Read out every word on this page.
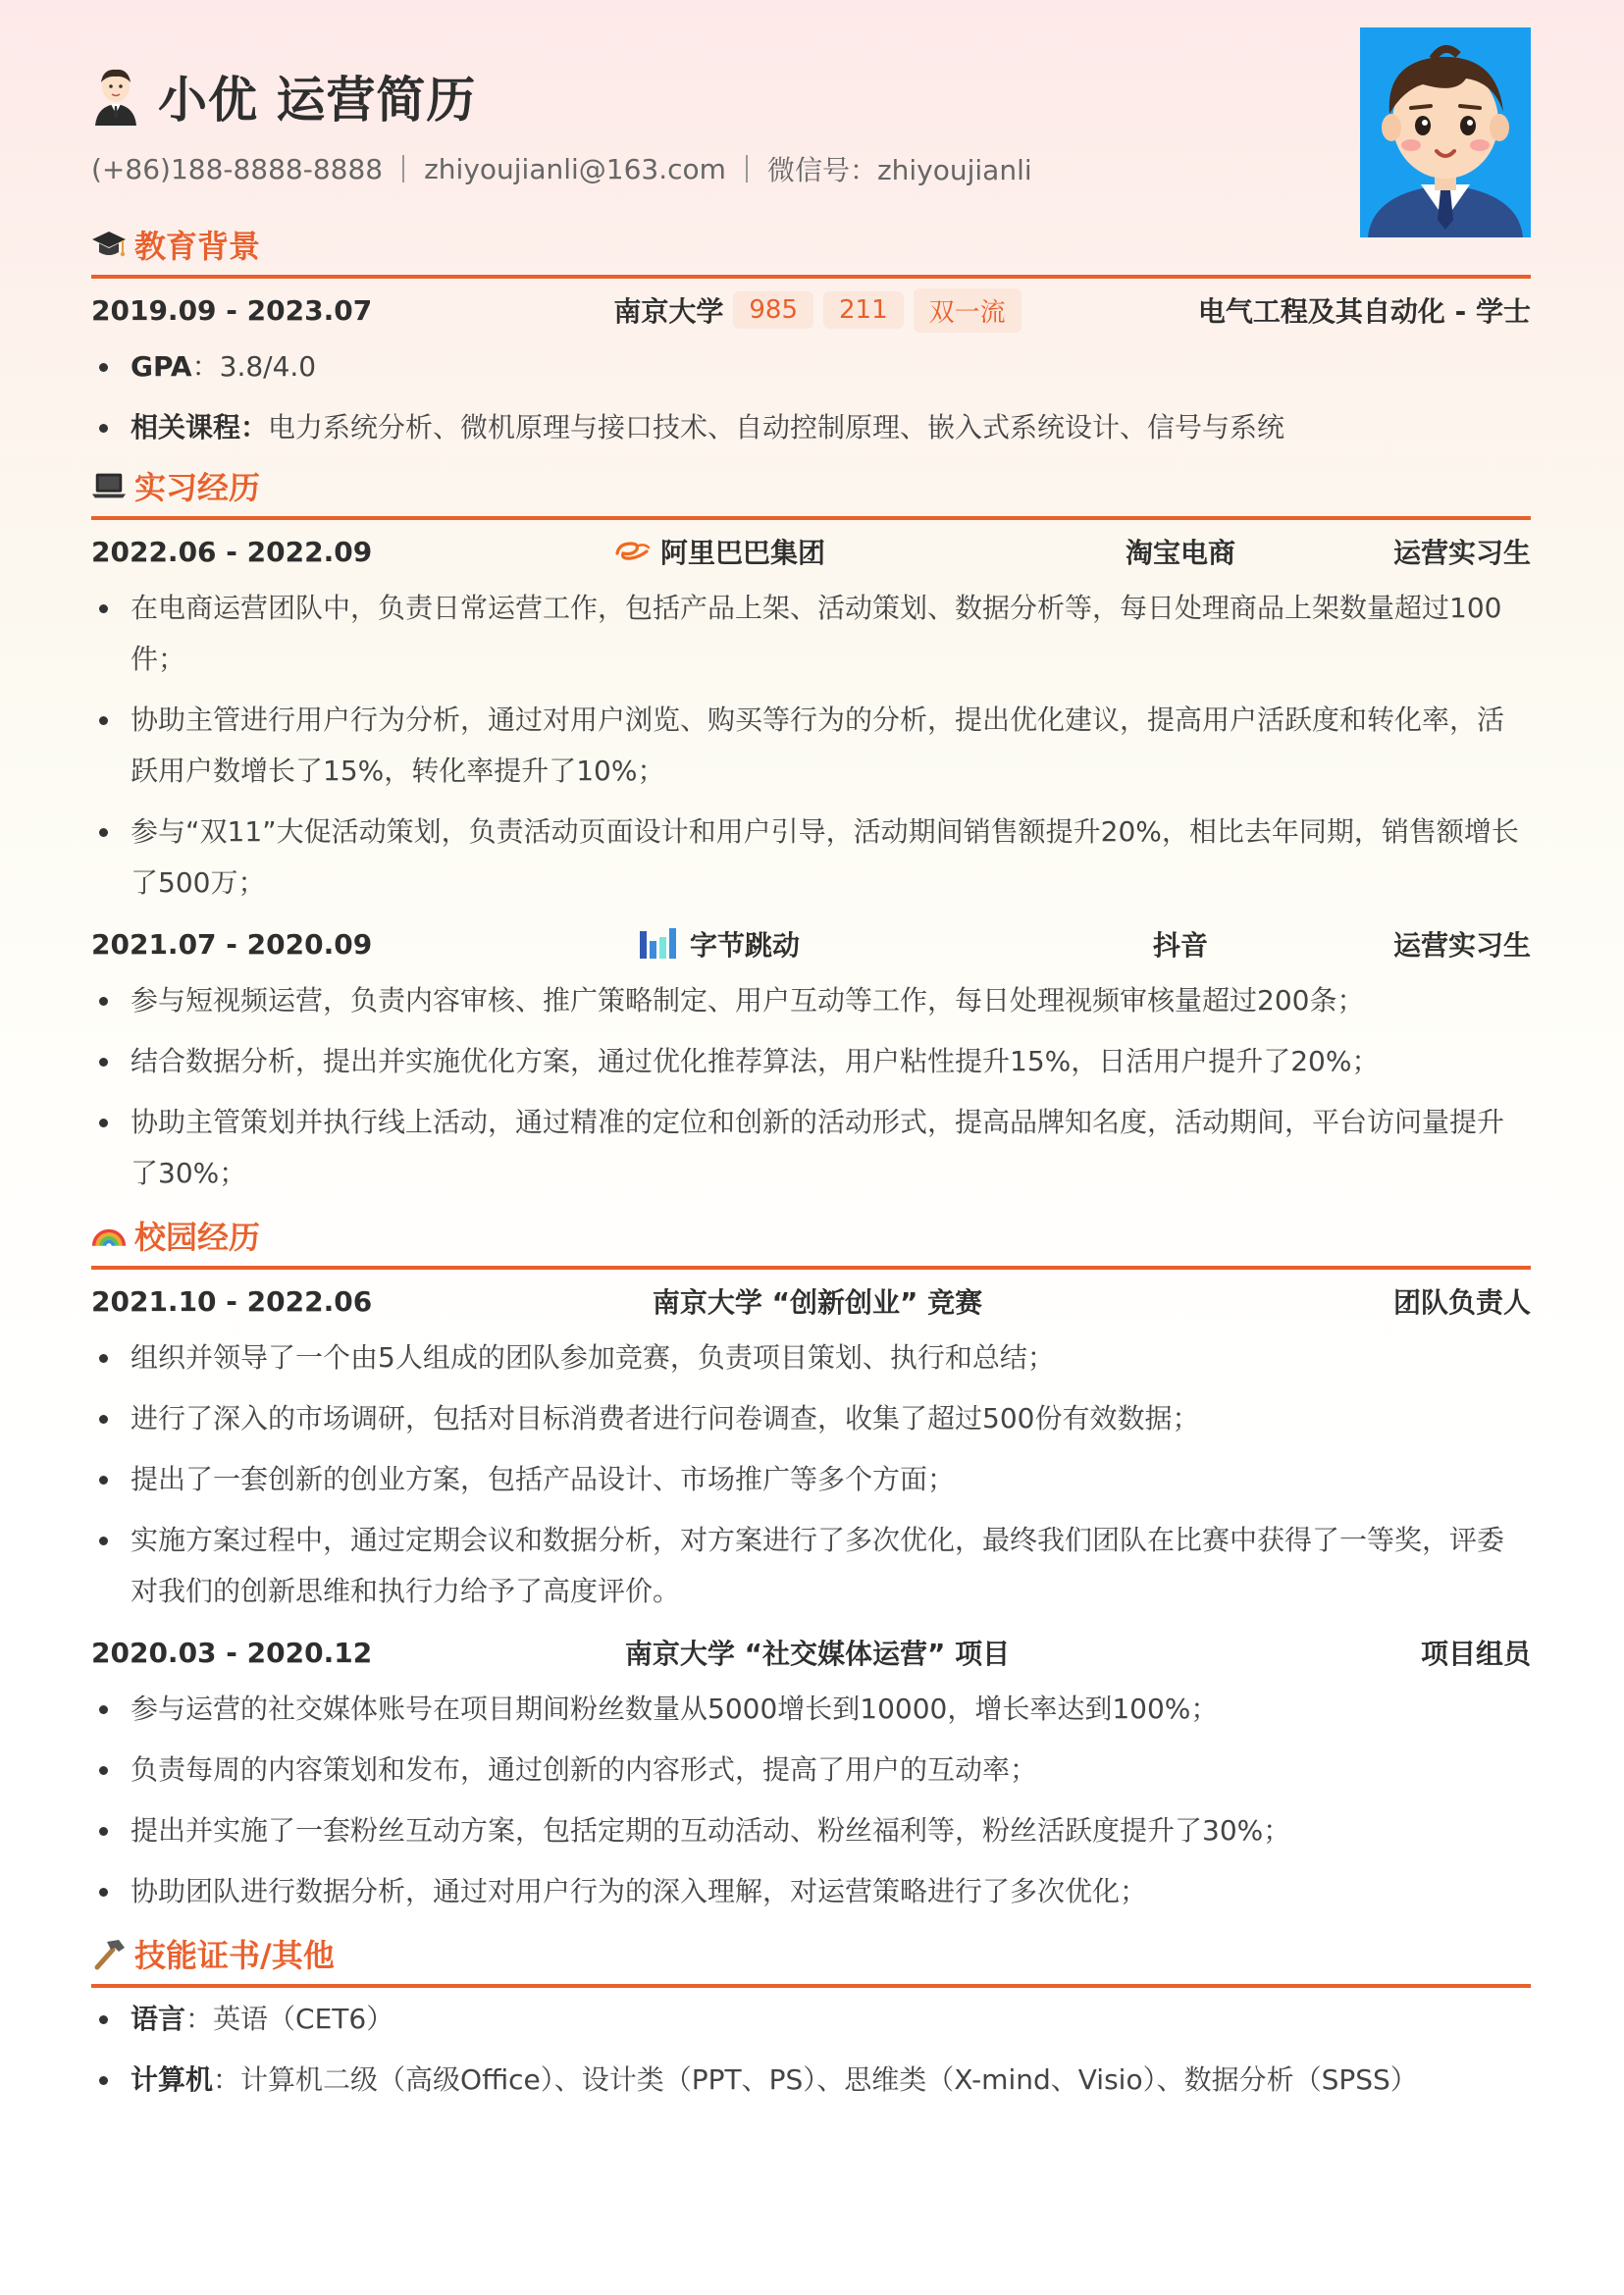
小优 运营简历
(+86)188-8888-8888 zhiyoujianli@163.com 微信号：zhiyoujianli
教育背景
2019.09 - 2023.07	南京大学	985	211	双一流	电气工程及其自动化 - 学士
GPA：3.8/4.0
相关课程：电力系统分析、微机原理与接口技术、自动控制原理、嵌入式系统设计、信号与系统
实习经历
2022.06 - 2022.09	阿里巴巴集团	淘宝电商	运营实习生
在电商运营团队中，负责日常运营工作，包括产品上架、活动策划、数据分析等，每日处理商品上架数量超过100件；
协助主管进行用户行为分析，通过对用户浏览、购买等行为的分析，提出优化建议，提高用户活跃度和转化率，活跃用户数增长了15%，转化率提升了10%；
参与“双11”大促活动策划，负责活动页面设计和用户引导，活动期间销售额提升20%，相比去年同期，销售额增长了500万；
2021.07 - 2020.09	字节跳动	抖音	运营实习生
参与短视频运营，负责内容审核、推广策略制定、用户互动等工作，每日处理视频审核量超过200条；
结合数据分析，提出并实施优化方案，通过优化推荐算法，用户粘性提升15%，日活用户提升了20%；
协助主管策划并执行线上活动，通过精准的定位和创新的活动形式，提高品牌知名度，活动期间，平台访问量提升了30%；
校园经历
2021.10 - 2022.06	南京大学 “创新创业” 竞赛	团队负责人
组织并领导了一个由5人组成的团队参加竞赛，负责项目策划、执行和总结；
进行了深入的市场调研，包括对目标消费者进行问卷调查，收集了超过500份有效数据；
提出了一套创新的创业方案，包括产品设计、市场推广等多个方面；
实施方案过程中，通过定期会议和数据分析，对方案进行了多次优化，最终我们团队在比赛中获得了一等奖，评委对我们的创新思维和执行力给予了高度评价。
2020.03 - 2020.12	南京大学 “社交媒体运营” 项目	项目组员
参与运营的社交媒体账号在项目期间粉丝数量从5000增长到10000，增长率达到100%；
负责每周的内容策划和发布，通过创新的内容形式，提高了用户的互动率；
提出并实施了一套粉丝互动方案，包括定期的互动活动、粉丝福利等，粉丝活跃度提升了30%；
协助团队进行数据分析，通过对用户行为的深入理解，对运营策略进行了多次优化；
技能证书/其他
语言：英语（CET6）
计算机：计算机二级（高级Office）、设计类（PPT、PS）、思维类（X-mind、Visio）、数据分析（SPSS）
